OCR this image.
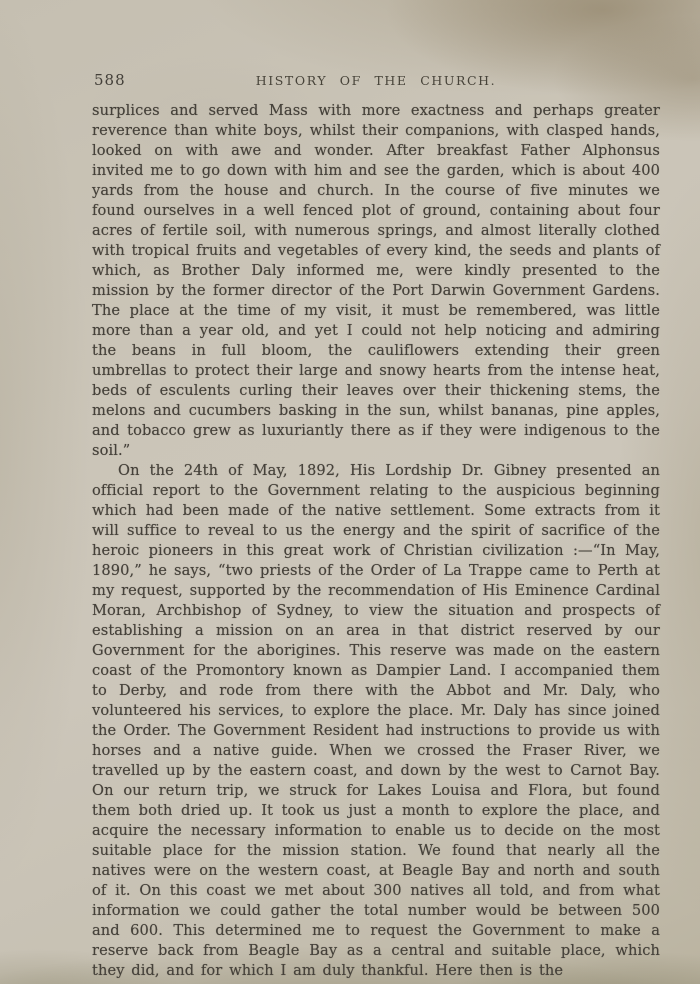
588	HISTORY OF THE CHURCH.

surplices and served Mass with more exactness and perhaps greater reverence than white boys, whilst their companions, with clasped hands, looked on with awe and wonder. After breakfast Father Alphonsus invited me to go down with him and see the garden, which is about 400 yards from the house and church. In the course of five minutes we found ourselves in a well fenced plot of ground, containing about four acres of fertile soil, with numerous springs, and almost literally clothed with tropical fruits and vegetables of every kind, the seeds and plants of which, as Brother Daly informed me, were kindly presented to the mission by the former director of the Port Darwin Government Gardens. The place at the time of my visit, it must be remembered, was little more than a year old, and yet I could not help noticing and admiring the beans in full bloom, the cauliflowers extending their green umbrellas to protect their large and snowy hearts from the intense heat, beds of esculents curling their leaves over their thickening stems, the melons and cucumbers basking in the sun, whilst bananas, pine apples, and tobacco grew as luxuriantly there as if they were indigenous to the soil.”

On the 24th of May, 1892, His Lordship Dr. Gibney presented an official report to the Government relating to the auspicious beginning which had been made of the native settlement. Some extracts from it will suffice to reveal to us the energy and the spirit of sacrifice of the heroic pioneers in this great work of Christian civilization :—“In May, 1890,” he says, “two priests of the Order of La Trappe came to Perth at my request, supported by the recommendation of His Eminence Cardinal Moran, Archbishop of Sydney, to view the situation and prospects of establishing a mission on an area in that district reserved by our Government for the aborigines. This reserve was made on the eastern coast of the Promontory known as Dampier Land. I accompanied them to Derby, and rode from there with the Abbot and Mr. Daly, who volunteered his services, to explore the place. Mr. Daly has since joined the Order. The Government Resident had instructions to provide us with horses and a native guide. When we crossed the Fraser River, we travelled up by the eastern coast, and down by the west to Carnot Bay. On our return trip, we struck for Lakes Louisa and Flora, but found them both dried up. It took us just a month to explore the place, and acquire the necessary information to enable us to decide on the most suitable place for the mission station. We found that nearly all the natives were on the western coast, at Beagle Bay and north and south of it. On this coast we met about 300 natives all told, and from what information we could gather the total number would be between 500 and 600. This determined me to request the Government to make a reserve back from Beagle Bay as a central and suitable place, which they did, and for which I am duly thankful. Here then is the
